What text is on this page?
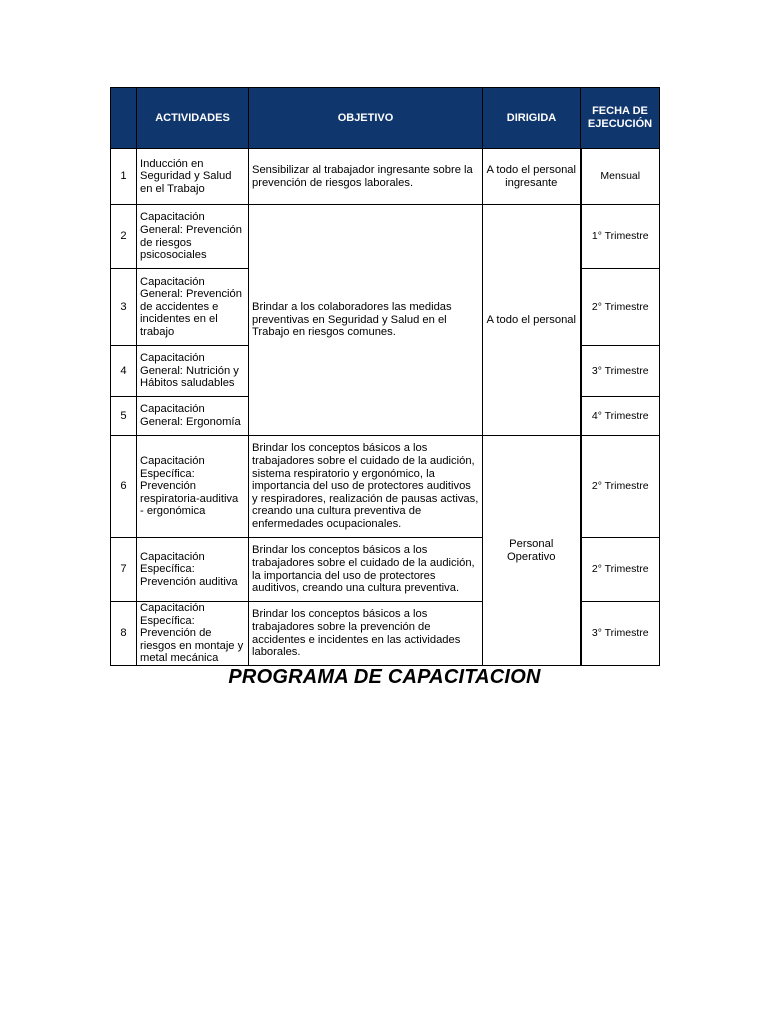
	ACTIVIDADES	OBJETIVO	DIRIGIDA	FECHA DE EJECUCIÓN
1	Inducción en Seguridad y Salud en el Trabajo	Sensibilizar al trabajador ingresante sobre la prevención de riesgos laborales.	A todo el personal ingresante	Mensual
2	Capacitación General: Prevención de riesgos psicosociales	Brindar a los colaboradores las medidas preventivas en Seguridad y Salud en el Trabajo en riesgos comunes.	A todo el personal	1° Trimestre
3	Capacitación General: Prevención de accidentes e incidentes en el trabajo			2° Trimestre
4	Capacitación General: Nutrición y Hábitos saludables			3° Trimestre
5	Capacitación General: Ergonomía			4° Trimestre
6	Capacitación Específica: Prevención respiratoria-auditiva - ergonómica	Brindar los conceptos básicos a los trabajadores sobre el cuidado de la audición, sistema respiratorio y ergonómico, la importancia del uso de protectores auditivos y respiradores, realización de pausas activas, creando una cultura preventiva de enfermedades ocupacionales.	Personal Operativo	2° Trimestre
7	Capacitación Específica: Prevención auditiva	Brindar los conceptos básicos a los trabajadores sobre el cuidado de la audición, la importancia del uso de protectores auditivos, creando una cultura preventiva.		2° Trimestre
8	Capacitación Específica: Prevención de riesgos en montaje y metal mecánica	Brindar los conceptos básicos a los trabajadores sobre la prevención de accidentes e incidentes en las actividades laborales.		3° Trimestre
PROGRAMA DE CAPACITACION
